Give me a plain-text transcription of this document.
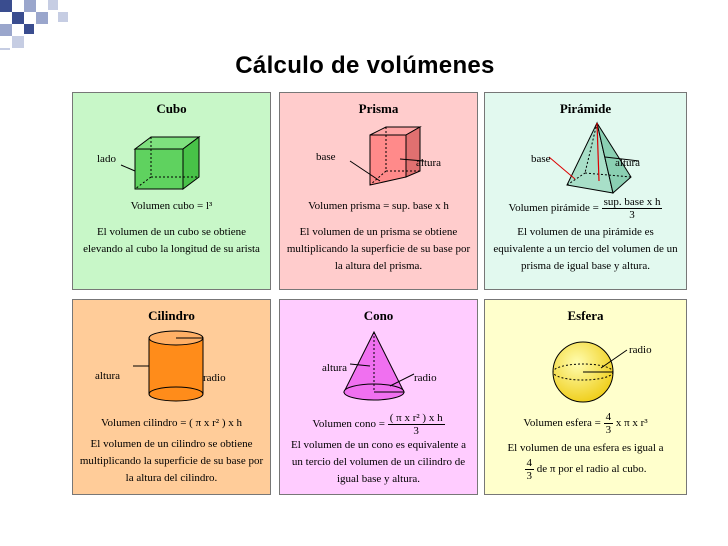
Cálculo de volúmenes
Cubo
lado
Volumen cubo = l³
El volumen de un cubo se obtiene elevando al cubo la longitud de su arista
Prisma
base	altura
Volumen prisma = sup. base x h
El volumen de un prisma se obtiene multiplicando la superficie de su base por la altura del prisma.
Pirámide
base	altura
Volumen pirámide = $\frac{\text{sup. base x h}}{3}$
El volumen de una pirámide es equivalente a un tercio del volumen de un prisma de igual base y altura.
Cilindro
altura	radio
Volumen cilindro = ( π x r² ) x h
El volumen de un cilindro se obtiene multiplicando la superficie de su base por la altura del cilindro.
Cono
altura
radio
Volumen cono = $\frac{\text{( π x r² ) x h}}{3}$
El volumen de un cono es equivalente a un tercio del volumen de un cilindro de igual base y altura.
Esfera
radio
Volumen esfera = $\frac{4}{3}$ x π x r³
El volumen de una esfera es igual a
$\frac{4}{3}$ de π por el radio al cubo.
